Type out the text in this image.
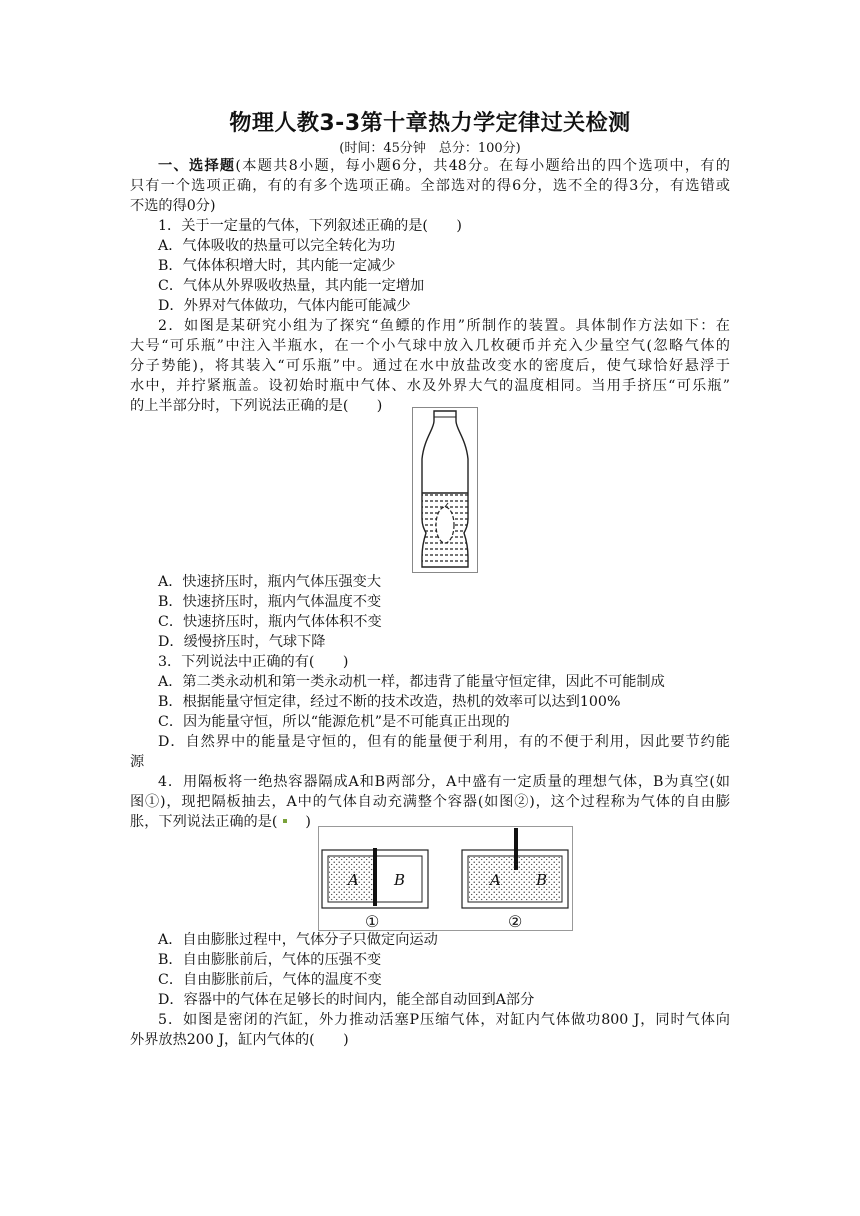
物理人教3-3第十章热力学定律过关检测
(时间：45分钟　总分：100分)
一、选择题(本题共8小题，每小题6分，共48分。在每小题给出的四个选项中，有的
只有一个选项正确，有的有多个选项正确。全部选对的得6分，选不全的得3分，有选错或
不选的得0分)
1．关于一定量的气体，下列叙述正确的是(　　)
A．气体吸收的热量可以完全转化为功
B．气体体积增大时，其内能一定减少
C．气体从外界吸收热量，其内能一定增加
D．外界对气体做功，气体内能可能减少
2．如图是某研究小组为了探究“鱼鳔的作用”所制作的装置。具体制作方法如下：在
大号“可乐瓶”中注入半瓶水，在一个小气球中放入几枚硬币并充入少量空气(忽略气体的
分子势能)，将其装入“可乐瓶”中。通过在水中放盐改变水的密度后，使气球恰好悬浮于
水中，并拧紧瓶盖。设初始时瓶中气体、水及外界大气的温度相同。当用手挤压“可乐瓶”
的上半部分时，下列说法正确的是(　　)
A．快速挤压时，瓶内气体压强变大
B．快速挤压时，瓶内气体温度不变
C．快速挤压时，瓶内气体体积不变
D．缓慢挤压时，气球下降
3．下列说法中正确的有(　　)
A．第二类永动机和第一类永动机一样，都违背了能量守恒定律，因此不可能制成
B．根据能量守恒定律，经过不断的技术改造，热机的效率可以达到100%
C．因为能量守恒，所以“能源危机”是不可能真正出现的
D．自然界中的能量是守恒的，但有的能量便于利用，有的不便于利用，因此要节约能
源
4．用隔板将一绝热容器隔成A和B两部分，A中盛有一定质量的理想气体，B为真空(如
图①)，现把隔板抽去，A中的气体自动充满整个容器(如图②)，这个过程称为气体的自由膨
胀，下列说法正确的是( )
A B
①
A B
②
A．自由膨胀过程中，气体分子只做定向运动
B．自由膨胀前后，气体的压强不变
C．自由膨胀前后，气体的温度不变
D．容器中的气体在足够长的时间内，能全部自动回到A部分
5．如图是密闭的汽缸，外力推动活塞P压缩气体，对缸内气体做功800 J，同时气体向
外界放热200 J，缸内气体的(　　)
